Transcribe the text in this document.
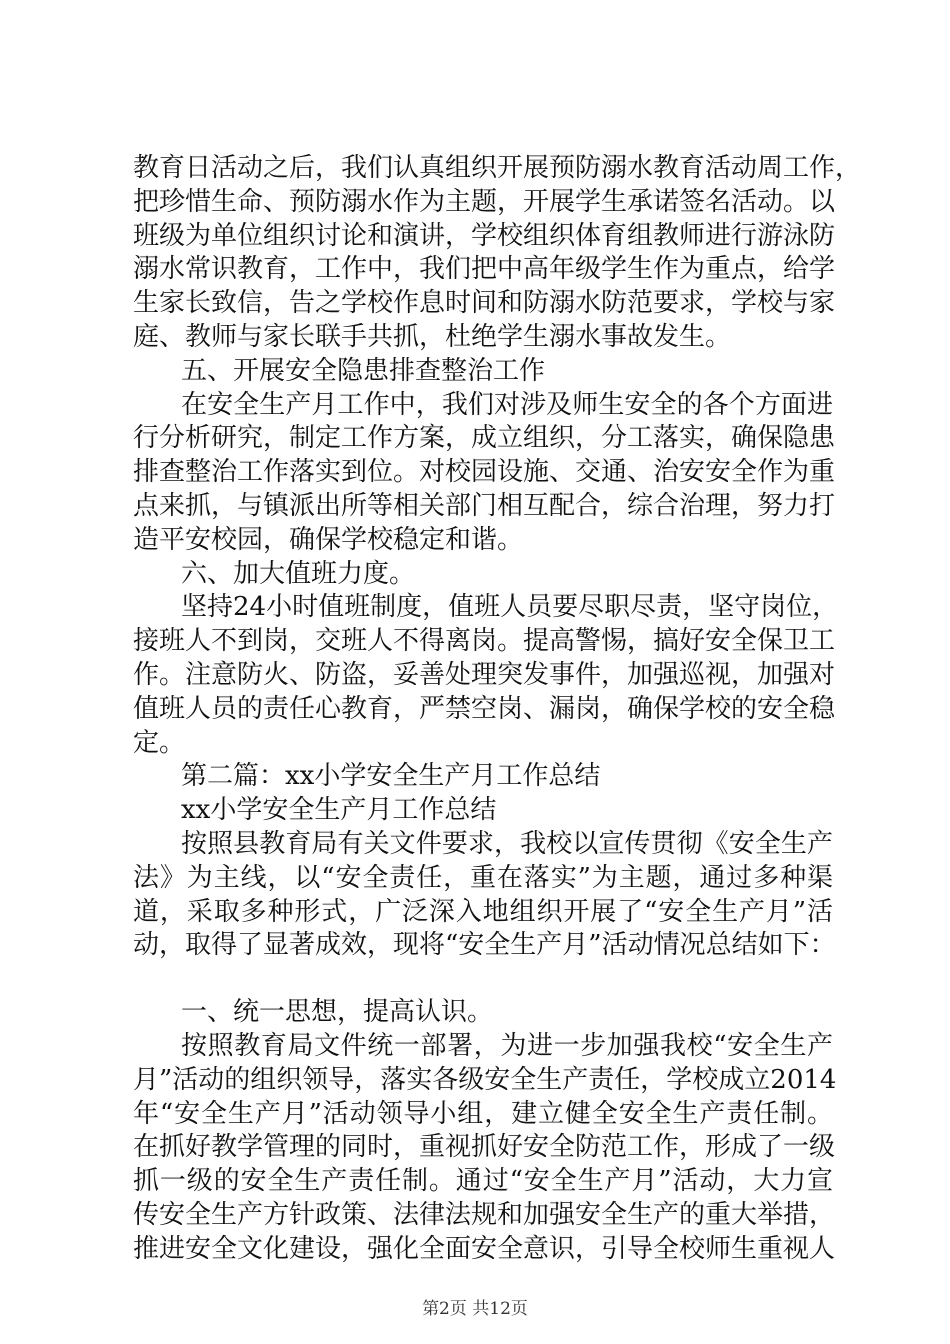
教育日活动之后，我们认真组织开展预防溺水教育活动周工作，
把珍惜生命、预防溺水作为主题，开展学生承诺签名活动。以
班级为单位组织讨论和演讲，学校组织体育组教师进行游泳防
溺水常识教育，工作中，我们把中高年级学生作为重点，给学
生家长致信，告之学校作息时间和防溺水防范要求，学校与家
庭、教师与家长联手共抓，杜绝学生溺水事故发生。
五、开展安全隐患排查整治工作
在安全生产月工作中，我们对涉及师生安全的各个方面进
行分析研究，制定工作方案，成立组织，分工落实，确保隐患
排查整治工作落实到位。对校园设施、交通、治安安全作为重
点来抓，与镇派出所等相关部门相互配合，综合治理，努力打
造平安校园，确保学校稳定和谐。
六、加大值班力度。
坚持24小时值班制度，值班人员要尽职尽责，坚守岗位，
接班人不到岗，交班人不得离岗。提高警惕，搞好安全保卫工
作。注意防火、防盗，妥善处理突发事件，加强巡视，加强对
值班人员的责任心教育，严禁空岗、漏岗，确保学校的安全稳
定。
第二篇：xx小学安全生产月工作总结
xx小学安全生产月工作总结
按照县教育局有关文件要求，我校以宣传贯彻《安全生产
法》为主线，以“安全责任，重在落实”为主题，通过多种渠
道，采取多种形式，广泛深入地组织开展了“安全生产月”活
动，取得了显著成效，现将“安全生产月”活动情况总结如下：
一、统一思想，提高认识。
按照教育局文件统一部署，为进一步加强我校“安全生产
月”活动的组织领导，落实各级安全生产责任，学校成立2014
年“安全生产月”活动领导小组，建立健全安全生产责任制。
在抓好教学管理的同时，重视抓好安全防范工作，形成了一级
抓一级的安全生产责任制。通过“安全生产月”活动，大力宣
传安全生产方针政策、法律法规和加强安全生产的重大举措，
推进安全文化建设，强化全面安全意识，引导全校师生重视人
第2页 共12页
